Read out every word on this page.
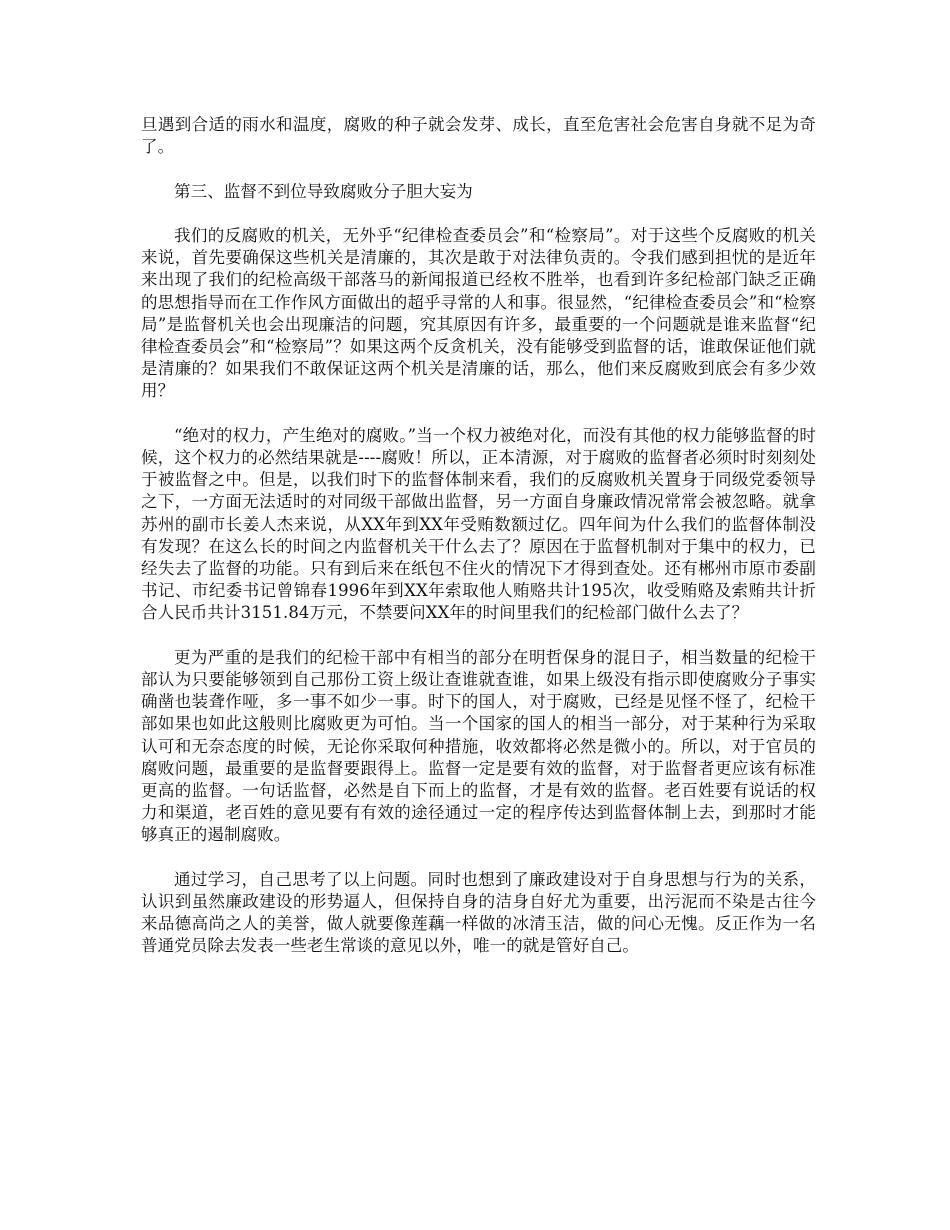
旦遇到合适的雨水和温度，腐败的种子就会发芽、成长，直至危害社会危害自身就不足为奇了。

第三、监督不到位导致腐败分子胆大妄为

我们的反腐败的机关，无外乎“纪律检查委员会”和“检察局”。对于这些个反腐败的机关来说，首先要确保这些机关是清廉的，其次是敢于对法律负责的。令我们感到担忧的是近年来出现了我们的纪检高级干部落马的新闻报道已经枚不胜举，也看到许多纪检部门缺乏正确的思想指导而在工作作风方面做出的超乎寻常的人和事。很显然，“纪律检查委员会”和“检察局”是监督机关也会出现廉洁的问题，究其原因有许多，最重要的一个问题就是谁来监督“纪律检查委员会”和“检察局”？如果这两个反贪机关，没有能够受到监督的话，谁敢保证他们就是清廉的？如果我们不敢保证这两个机关是清廉的话，那么，他们来反腐败到底会有多少效用？

“绝对的权力，产生绝对的腐败。”当一个权力被绝对化，而没有其他的权力能够监督的时候，这个权力的必然结果就是----腐败！所以，正本清源，对于腐败的监督者必须时时刻刻处于被监督之中。但是，以我们时下的监督体制来看，我们的反腐败机关置身于同级党委领导之下，一方面无法适时的对同级干部做出监督，另一方面自身廉政情况常常会被忽略。就拿苏州的副市长姜人杰来说，从XX年到XX年受贿数额过亿。四年间为什么我们的监督体制没有发现？在这么长的时间之内监督机关干什么去了？原因在于监督机制对于集中的权力，已经失去了监督的功能。只有到后来在纸包不住火的情况下才得到查处。还有郴州市原市委副书记、市纪委书记曾锦春1996年到XX年索取他人贿赂共计195次，收受贿赂及索贿共计折合人民币共计3151.84万元，不禁要问XX年的时间里我们的纪检部门做什么去了？

更为严重的是我们的纪检干部中有相当的部分在明哲保身的混日子，相当数量的纪检干部认为只要能够领到自己那份工资上级让查谁就查谁，如果上级没有指示即使腐败分子事实确凿也装聋作哑，多一事不如少一事。时下的国人，对于腐败，已经是见怪不怪了，纪检干部如果也如此这般则比腐败更为可怕。当一个国家的国人的相当一部分，对于某种行为采取认可和无奈态度的时候，无论你采取何种措施，收效都将必然是微小的。所以，对于官员的腐败问题，最重要的是监督要跟得上。监督一定是要有效的监督，对于监督者更应该有标准更高的监督。一句话监督，必然是自下而上的监督，才是有效的监督。老百姓要有说话的权力和渠道，老百姓的意见要有有效的途径通过一定的程序传达到监督体制上去，到那时才能够真正的遏制腐败。

通过学习，自己思考了以上问题。同时也想到了廉政建设对于自身思想与行为的关系，认识到虽然廉政建设的形势逼人，但保持自身的洁身自好尤为重要，出污泥而不染是古往今来品德高尚之人的美誉，做人就要像莲藕一样做的冰清玉洁，做的问心无愧。反正作为一名普通党员除去发表一些老生常谈的意见以外，唯一的就是管好自己。
